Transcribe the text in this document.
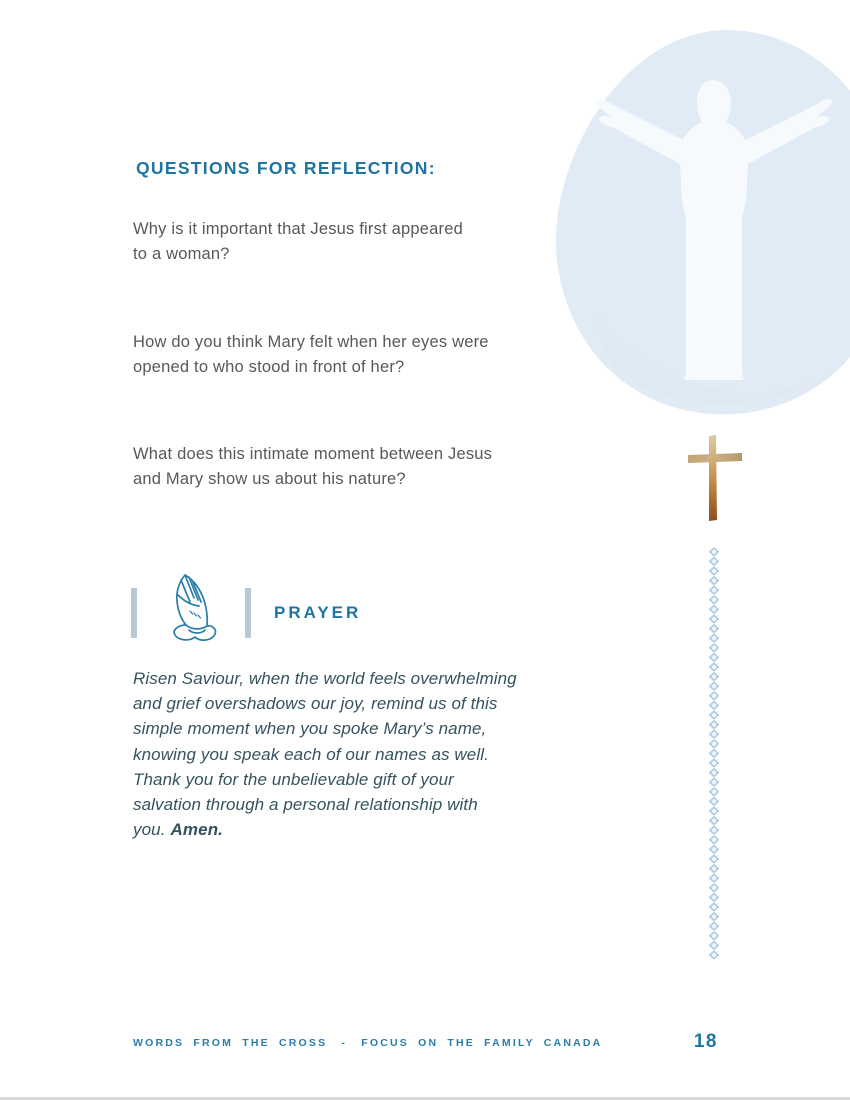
QUESTIONS FOR REFLECTION:
Why is it important that Jesus first appeared
to a woman?
How do you think Mary felt when her eyes were
opened to who stood in front of her?
What does this intimate moment between Jesus
and Mary show us about his nature?
PRAYER
Risen Saviour, when the world feels overwhelming
and grief overshadows our joy, remind us of this
simple moment when you spoke Mary’s name,
knowing you speak each of our names as well.
Thank you for the unbelievable gift of your
salvation through a personal relationship with
you. Amen.
WORDS FROM THE CROSS - FOCUS ON THE FAMILY CANADA	18
